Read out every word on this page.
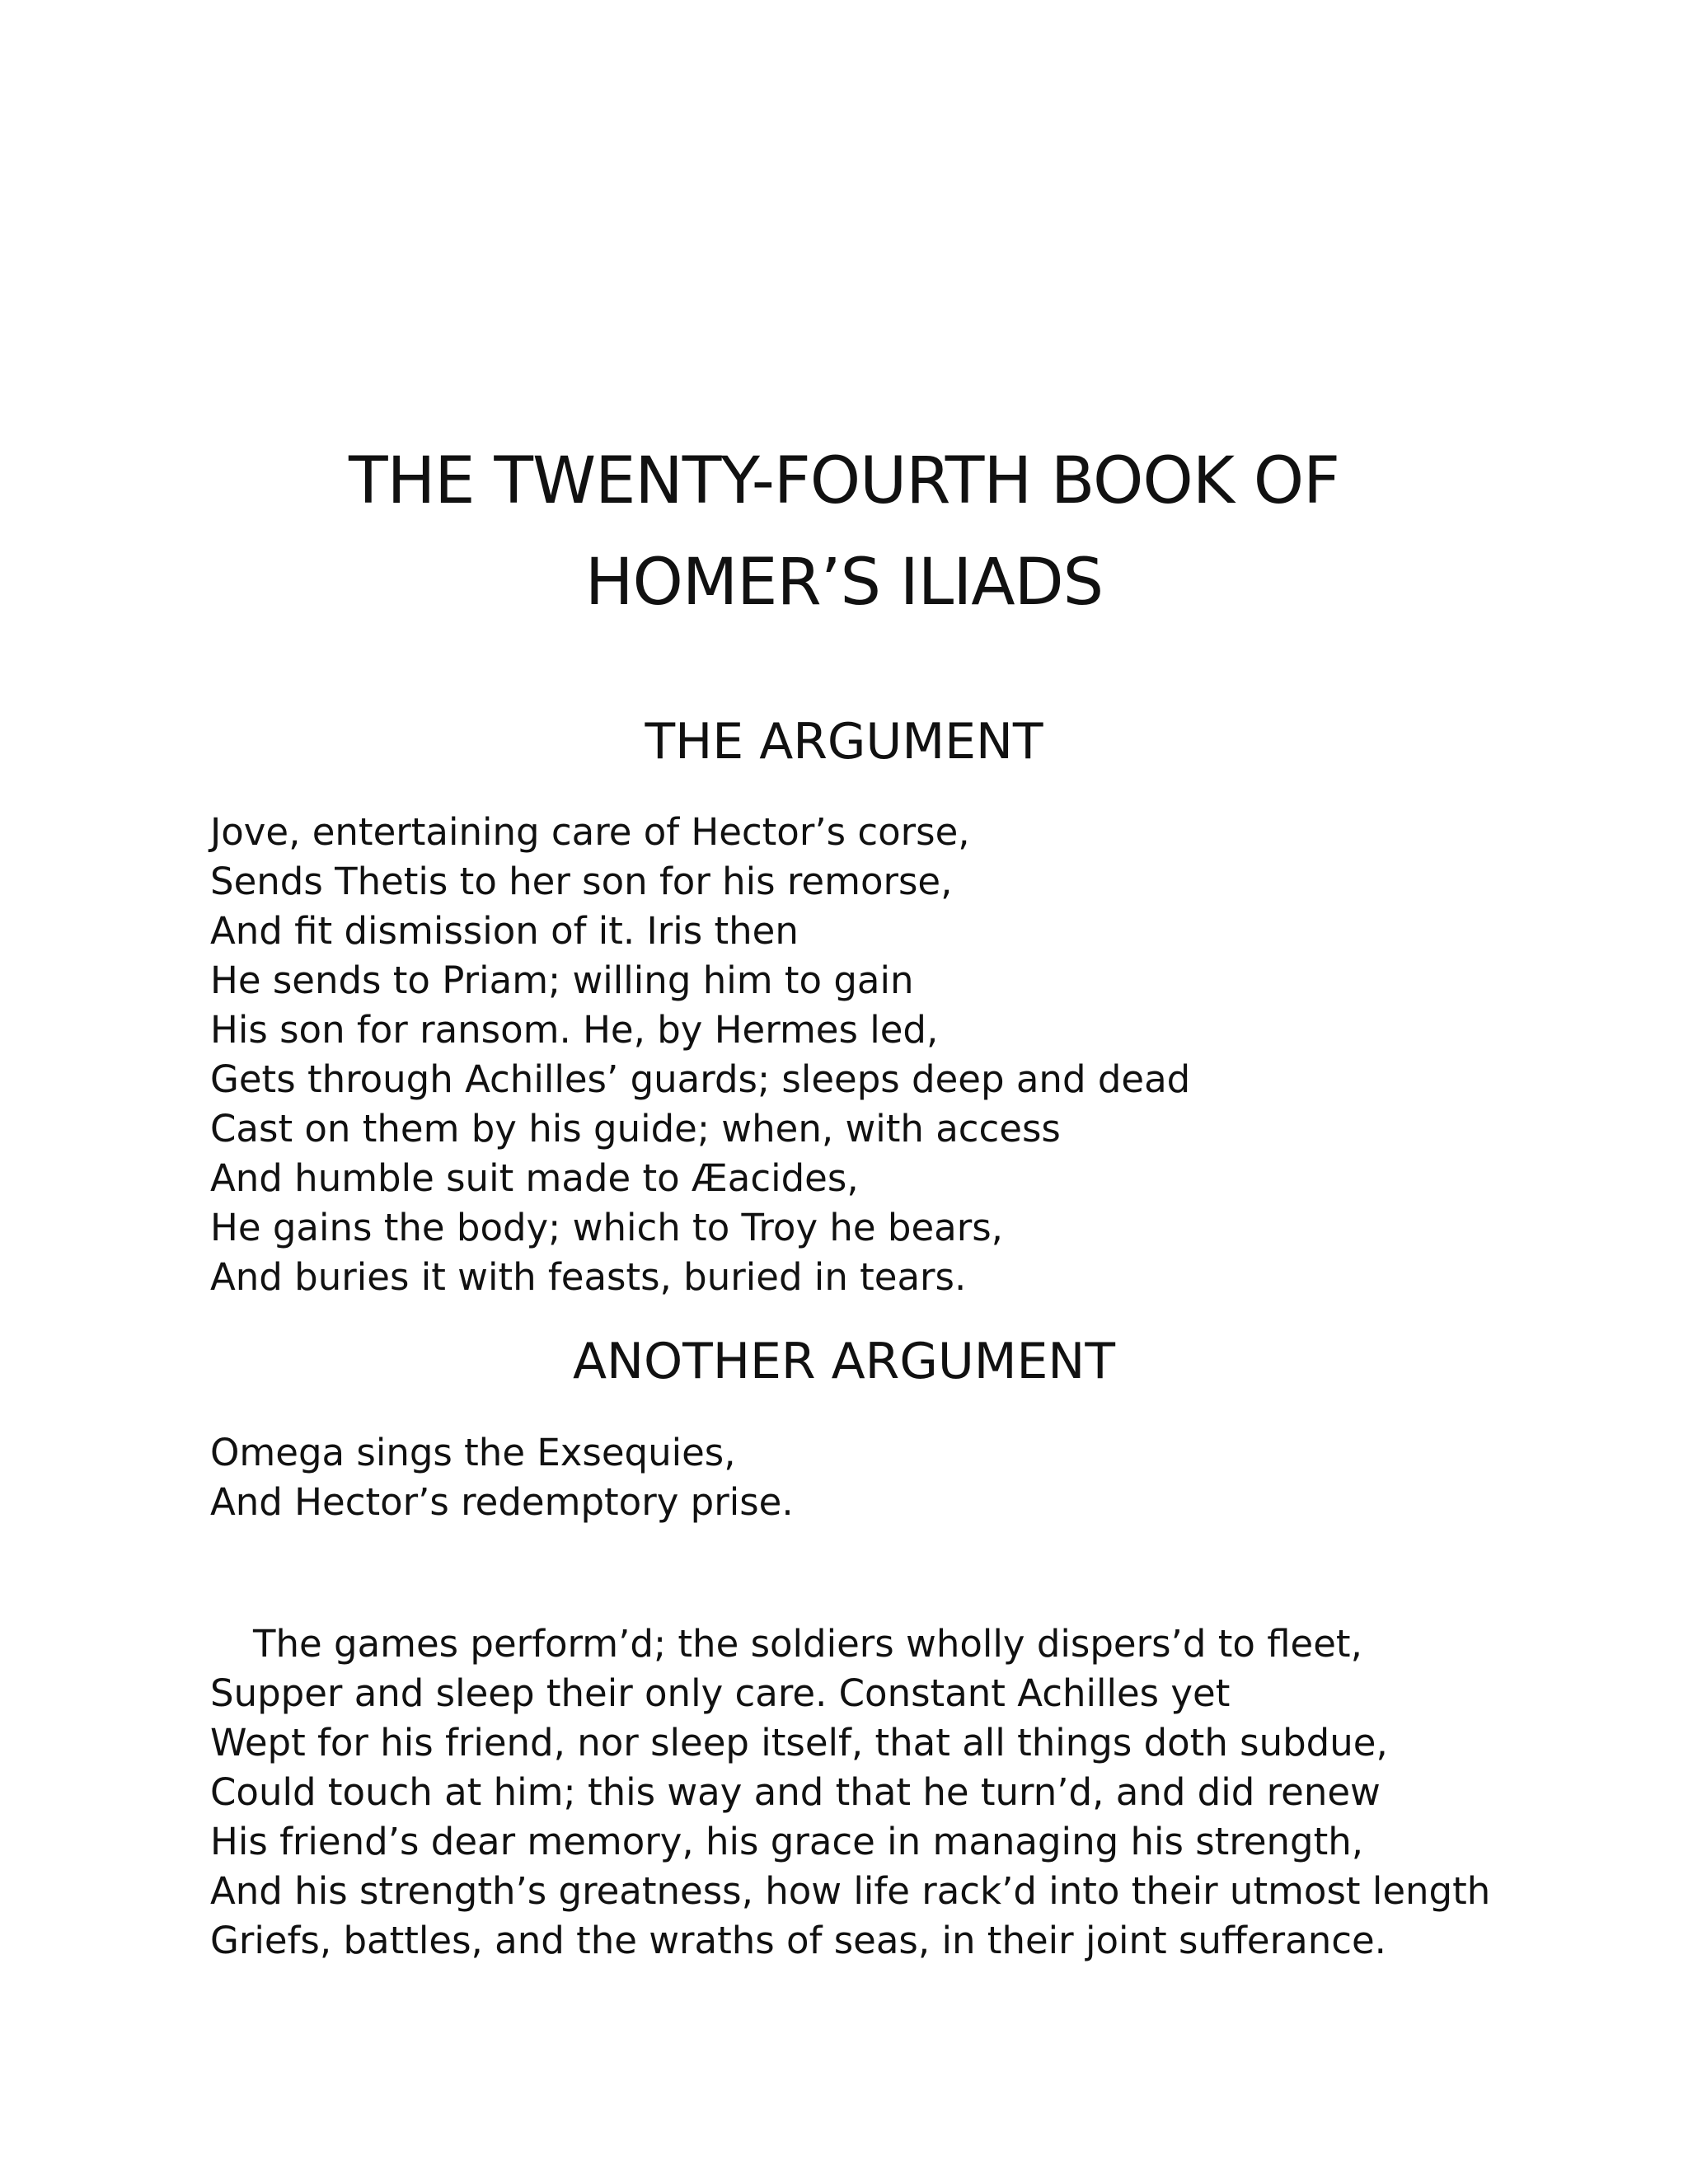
THE TWENTY-FOURTH BOOK OF
HOMER’S ILIADS
THE ARGUMENT
Jove, entertaining care of Hector’s corse,
Sends Thetis to her son for his remorse,
And fit dismission of it. Iris then
He sends to Priam; willing him to gain
His son for ransom. He, by Hermes led,
Gets through Achilles’ guards; sleeps deep and dead
Cast on them by his guide; when, with access
And humble suit made to Æacides,
He gains the body; which to Troy he bears,
And buries it with feasts, buried in tears.
ANOTHER ARGUMENT
Omega sings the Exsequies,
And Hector’s redemptory prise.
The games perform’d; the soldiers wholly dispers’d to fleet,
Supper and sleep their only care. Constant Achilles yet
Wept for his friend, nor sleep itself, that all things doth subdue,
Could touch at him; this way and that he turn’d, and did renew
His friend’s dear memory, his grace in managing his strength,
And his strength’s greatness, how life rack’d into their utmost length
Griefs, battles, and the wraths of seas, in their joint sufferance.
